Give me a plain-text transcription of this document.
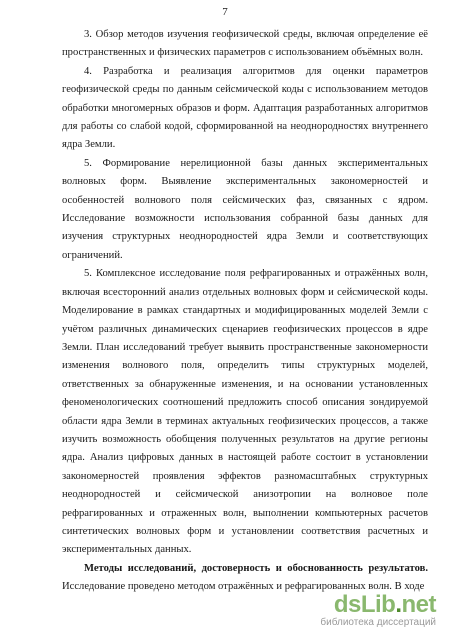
7

3. Обзор методов изучения геофизической среды, включая определение её пространственных и физических параметров с использованием объёмных волн.

4. Разработка и реализация алгоритмов для оценки параметров геофизической среды по данным сейсмической коды с использованием методов обработки многомерных образов и форм. Адаптация разработанных алгоритмов для работы со слабой кодой, сформированной на неоднородностях внутреннего ядра Земли.

5. Формирование нерелиционной базы данных экспериментальных волновых форм. Выявление экспериментальных закономерностей и особенностей волнового поля сейсмических фаз, связанных с ядром. Исследование возможности использования собранной базы данных для изучения структурных неоднородностей ядра Земли и соответствующих ограничений.

5. Комплексное исследование поля рефрагированных и отражённых волн, включая всесторонний анализ отдельных волновых форм и сейсмической коды. Моделирование в рамках стандартных и модифицированных моделей Земли с учётом различных динамических сценариев геофизических процессов в ядре Земли. План исследований требует выявить пространственные закономерности изменения волнового поля, определить типы структурных моделей, ответственных за обнаруженные изменения, и на основании установленных феноменологических соотношений предложить способ описания зондируемой области ядра Земли в терминах актуальных геофизических процессов, а также изучить возможность обобщения полученных результатов на другие регионы ядра. Анализ цифровых данных в настоящей работе состоит в установлении закономерностей проявления эффектов разномасштабных структурных неоднородностей и сейсмической анизотропии на волновое поле рефрагированных и отраженных волн, выполнении компьютерных расчетов синтетических волновых форм и установлении соответствия расчетных и экспериментальных данных.

Методы исследований, достоверность и обоснованность результатов. Исследование проведено методом отражённых и рефрагированных волн. В ходе

dsLib.net
библиотека диссертаций
